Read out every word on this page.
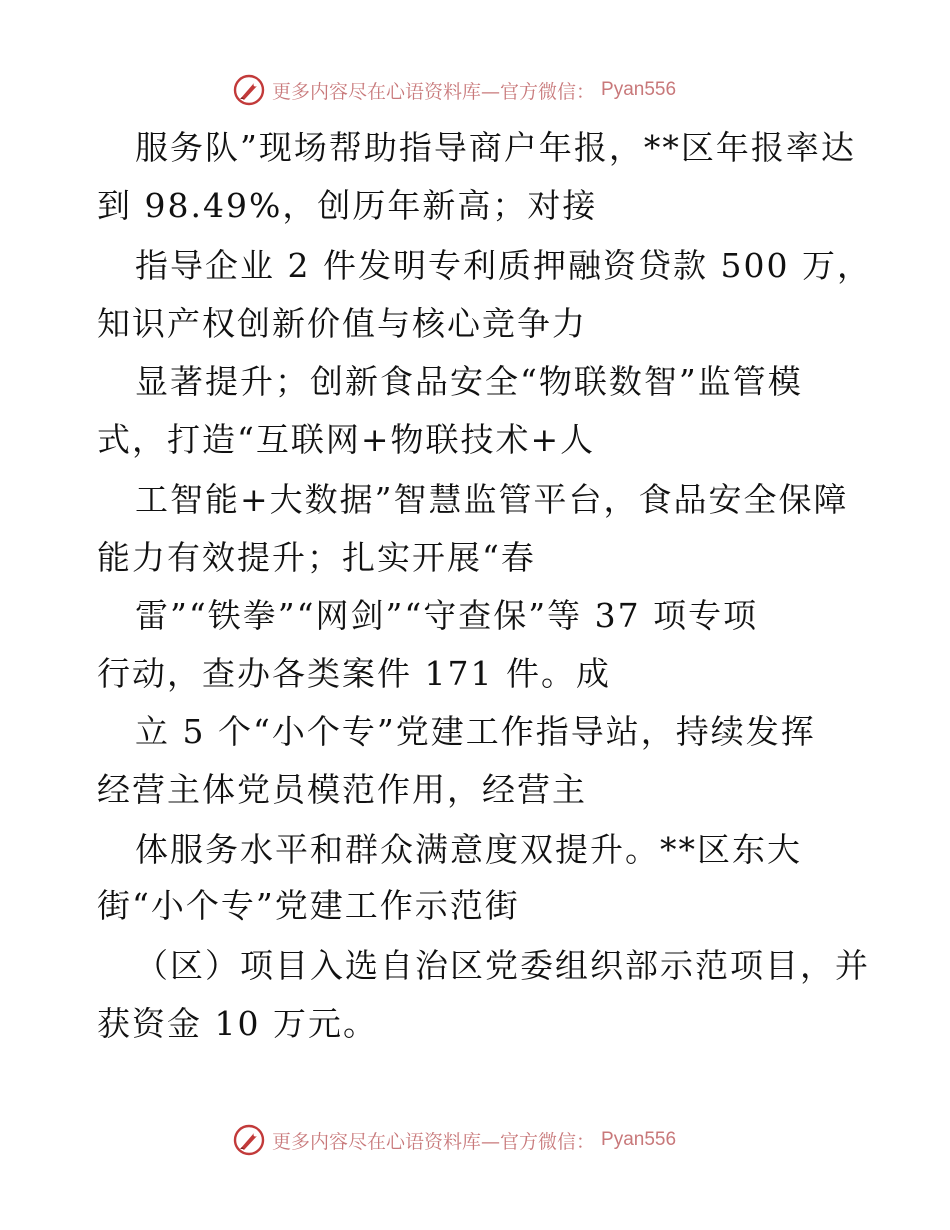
更多内容尽在心语资料库—官方微信： Pyan556
服务队”现场帮助指导商户年报，**区年报率达
到 98.49%，创历年新高；对接
指导企业 2 件发明专利质押融资贷款 500 万，
知识产权创新价值与核心竞争力
显著提升；创新食品安全“物联数智”监管模
式，打造“互联网+物联技术+人
工智能+大数据”智慧监管平台，食品安全保障
能力有效提升；扎实开展“春
雷”“铁拳”“网剑”“守查保”等 37 项专项
行动，查办各类案件 171 件。成
立 5 个“小个专”党建工作指导站，持续发挥
经营主体党员模范作用，经营主
体服务水平和群众满意度双提升。**区东大
街“小个专”党建工作示范街
（区）项目入选自治区党委组织部示范项目，并
获资金 10 万元。
更多内容尽在心语资料库—官方微信： Pyan556
